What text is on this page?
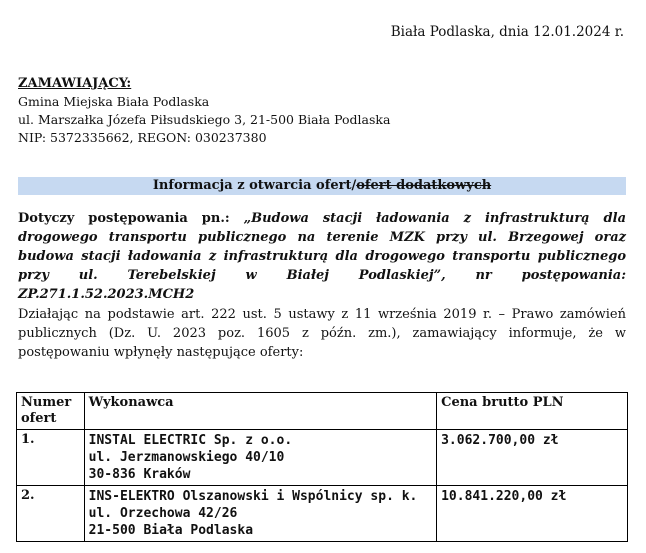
Biała Podlaska, dnia 12.01.2024 r.
ZAMAWIAJĄCY:
Gmina Miejska Biała Podlaska
ul. Marszałka Józefa Piłsudskiego 3, 21-500 Biała Podlaska
NIP: 5372335662, REGON: 030237380
Informacja z otwarcia ofert/ofert dodatkowych
Dotyczy postępowania pn.: „Budowa stacji ładowania z infrastrukturą dla drogowego transportu publicznego na terenie MZK przy ul. Brzegowej oraz budowa stacji ładowania z infrastrukturą dla drogowego transportu publicznego przy ul. Terebelskiej w Białej Podlaskiej”, nr postępowania: ZP.271.1.52.2023.MCH2
Działając na podstawie art. 222 ust. 5 ustawy z 11 września 2019 r. – Prawo zamówień publicznych (Dz. U. 2023 poz. 1605 z późn. zm.), zamawiający informuje, że w postępowaniu wpłynęły następujące oferty:
Numer ofert	Wykonawca	Cena brutto PLN
1.	INSTAL ELECTRIC Sp. z o.o.
ul. Jerzmanowskiego 40/10
30-836 Kraków	3.062.700,00 zł
2.	INS-ELEKTRO Olszanowski i Wspólnicy sp. k.
ul. Orzechowa 42/26
21-500 Biała Podlaska	10.841.220,00 zł
